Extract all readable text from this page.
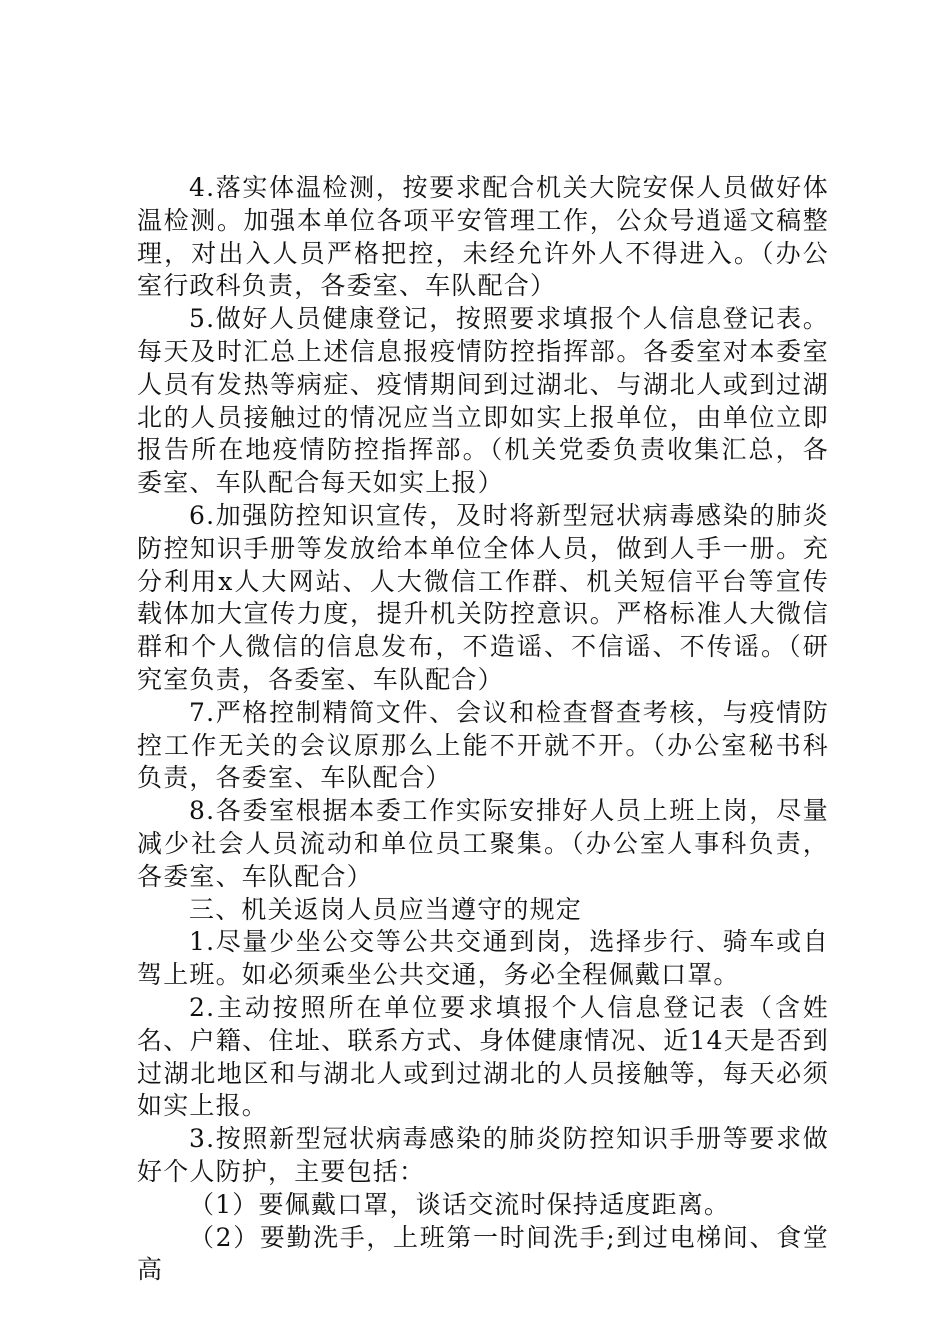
4.落实体温检测，按要求配合机关大院安保人员做好体温检测。加强本单位各项平安管理工作，公众号逍遥文稿整理，对出入人员严格把控，未经允许外人不得进入。（办公室行政科负责，各委室、车队配合）

5.做好人员健康登记，按照要求填报个人信息登记表。每天及时汇总上述信息报疫情防控指挥部。各委室对本委室人员有发热等病症、疫情期间到过湖北、与湖北人或到过湖北的人员接触过的情况应当立即如实上报单位，由单位立即报告所在地疫情防控指挥部。（机关党委负责收集汇总，各委室、车队配合每天如实上报）

6.加强防控知识宣传，及时将新型冠状病毒感染的肺炎防控知识手册等发放给本单位全体人员，做到人手一册。充分利用x人大网站、人大微信工作群、机关短信平台等宣传载体加大宣传力度，提升机关防控意识。严格标准人大微信群和个人微信的信息发布，不造谣、不信谣、不传谣。（研究室负责，各委室、车队配合）

7.严格控制精简文件、会议和检查督查考核，与疫情防控工作无关的会议原那么上能不开就不开。（办公室秘书科负责，各委室、车队配合）

8.各委室根据本委工作实际安排好人员上班上岗，尽量减少社会人员流动和单位员工聚集。（办公室人事科负责，各委室、车队配合）

三、机关返岗人员应当遵守的规定

1.尽量少坐公交等公共交通到岗，选择步行、骑车或自驾上班。如必须乘坐公共交通，务必全程佩戴口罩。

2.主动按照所在单位要求填报个人信息登记表（含姓名、户籍、住址、联系方式、身体健康情况、近14天是否到过湖北地区和与湖北人或到过湖北的人员接触等，每天必须如实上报。

3.按照新型冠状病毒感染的肺炎防控知识手册等要求做好个人防护，主要包括：

（1）要佩戴口罩，谈话交流时保持适度距离。

（2）要勤洗手，上班第一时间洗手;到过电梯间、食堂高
